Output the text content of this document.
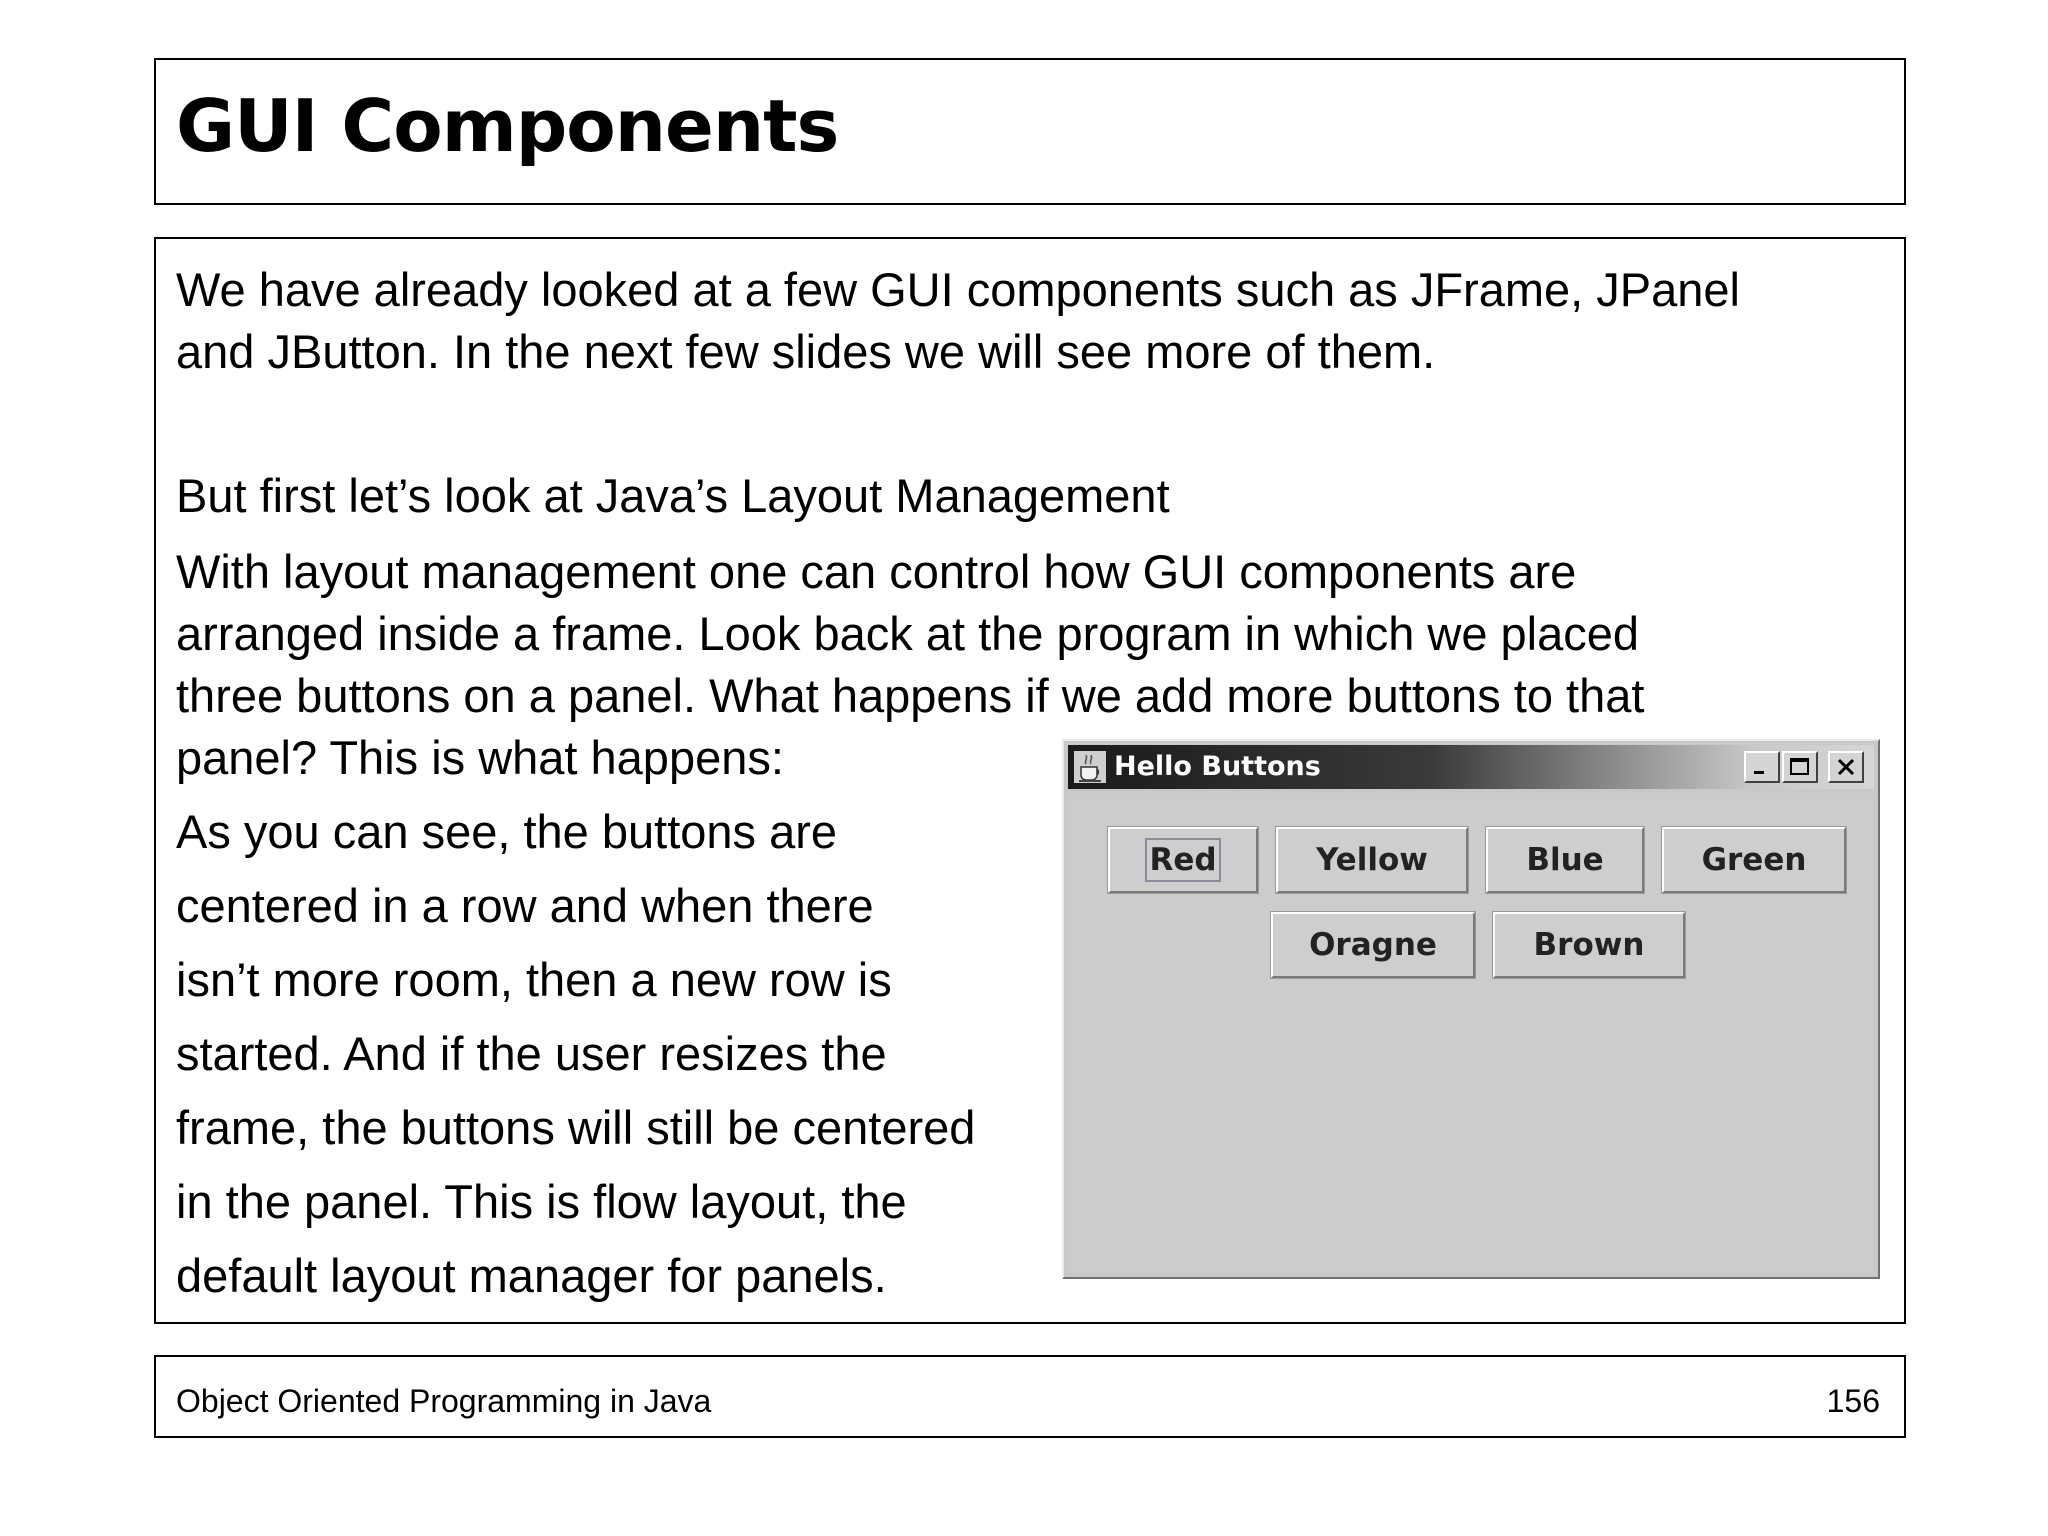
GUI Components
We have already looked at a few GUI components such as JFrame, JPanel
and JButton. In the next few slides we will see more of them.
But first let’s look at Java’s Layout Management
With layout management one can control how GUI components are
arranged inside a frame. Look back at the program in which we placed
three buttons on a panel. What happens if we add more buttons to that
panel? This is what happens:
As you can see, the buttons are
centered in a row and when there
isn’t more room, then a new row is
started. And if the user resizes the
frame, the buttons will still be centered
in the panel. This is flow layout, the
default layout manager for panels.
Hello Buttons
Red	Yellow	Blue	Green
Oragne	Brown
Object Oriented Programming in Java	156
